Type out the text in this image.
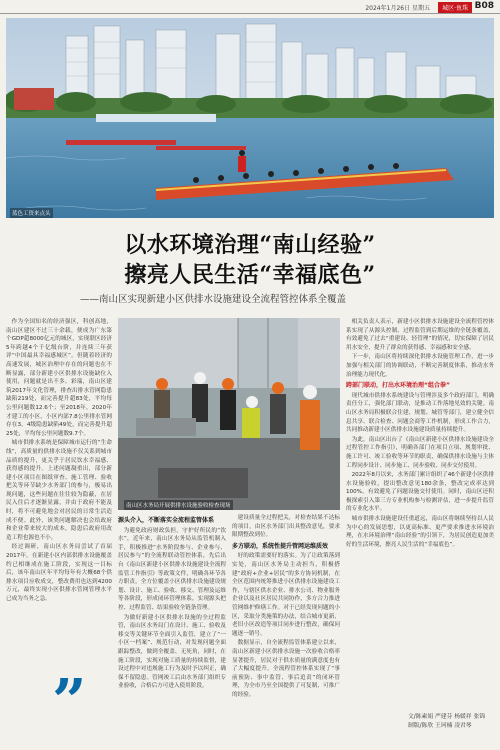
2024年1月26日 星期五	城区·鱼珠 B08
蓝色工资来点头
以水环境治理“南山经验”
擦亮人民生活“幸福底色”
——南山区实现新建小区供排水设施建设全流程管控体系全覆盖

作为全国知名的经济强区，科创高地，南山区建区不过三十余载，便成为广东第个GDP超8000亿元的城区，实现联区经济5年跨越4个千亿级台阶，并连续三年获评“中国最具幸福感城区”。但随着经济的高速发展，城区治理中存在的问题也在不断显露，部分新建小区供排水设施缺位入使用，问题就是出不多。彩瑞，南山区建筑2017年文化管理，排查出排水管网隐患缺陷219处，而完善提升超83处，平均每公里问题数12.6个；至2018年，2020年才建工的小区，小区内部7.8公里排水管网存在3，4级隐患缺陷49处，而完善提升超25处，平均每公里问题数9.7个。

城市供排水系统是保障城市运行的“生命线”，高质量的供排水设施不仅关系到城市品质的提升，更关乎于居民饮水幸福感、获得感的提升。上述问题凝重出，部分新建小区项目在图纸审查、施工管理、验收把关等环节缺少水务部门的参与，极易出现问题，这些问题在往往较为隐蔽，在居民入住后才逐渐显露，并由于政府不能及时，将不可避免地会对居民的日常生活造成不便。此外，该类问题解决也会给政府和企业带来较大的成本，隐患后政府用改造工程也源也不小。

经过调研，南山区水务局尝试了首届2017年，在新建小区内部供排水设施覆盖约已相继成在施工阶段，实现这一目标后，该年南山区年平均每年有大概68个供排水项目应收成交，整改费用也达到4200万元，最终实现小区供排水管网管理水平已成为当务之急。

南山区水务局开展供排水设施验收检查现场

源头介入，不断落实全流程监管体系

为避免政府财政负担，守护好所民的“饮水”，近年来，南山区水务局从监管机制入手，积极推进“水务阶段参与、企业参与、居民参与”的全流程联动管控体系，先后出台《南山区新建小区供排水设施建设全流程监管工作指引》等政策文件，明确各环节各方职责，全方位覆盖小区供排水设施建设规划、设计、施工、验收、移交、管理及运维等各阶段，形成闭环管理体系，实现源头把控、过程监管、结果验收全链条管理。

为做好新建小区供排水设施的全过程监管，南山区水务局门在设计、施工、验收及移交等关键环节全面引入监管，建立了“一小区一档案”、规范行动，对发现问题全面跟踪整改，做到全覆盖、无死角，同时，在施工阶段，实现对施工质量的持续监督，建设过程中对违规施工行为及时予以纠正，确保不留隐患。管网竣工后由水务部门组织专业验收，合格后方可进入使用阶段。

建设质量全过程把关，对检查结果不达标的项目，由区水务部门出具整改意见，要求限期整改到位。

多方联动，系统性提升管网运维质效

好的政策需要好的落实。为了让政策落到实处，南山区水务局主动担当，积极搭建“政府+企业+居民”的多方协同机制，在全区范围内统筹推进小区供排水设施建设工作，与辖区供水企业、排水公司、物业服务企业以及社区居民共同协作，多方合力推进管网维护修缮工作。对于已经发现问题的小区，采取分类施策的办法，结合城市更新、老旧小区改造等项目同步进行整改，确保问题逐一销号。

数据显示，自全流程监管体系建立以来，南山区新建小区供排水设施一次验收合格率显著提升，居民对于供水质量的满意度也有了大幅度提升。全流程管控体系实现了“事前预防、事中监管、事后追责”的闭环管理，为全市乃至全国提供了可复制、可推广的经验。

相关负责人表示，新建小区供排水设施建设全流程管控体系实现了从源头控制、过程监管到后期运维的全链条覆盖，有效避免了过去“重建设、轻管理”的情况，切实保障了居民用水安全，提升了群众的获得感、幸福感和安全感。

下一步，南山区将持续深化供排水设施管理工作，进一步加强与相关部门的协调联动，不断完善制度体系，推动水务治理能力现代化。

跨部门联动，打出水环境治理“组合拳”

现代城市供排水系统建设与管理涉及多个政府部门，明确责任分工，强化部门联动，是推动工作落地见效的关键。南山区水务局积极联合住建、规划、城管等部门，建立健全信息共享、联合检查、问题会商等工作机制，形成工作合力，共同推动新建小区供排水设施建设质量持续提升。

为此，南山区出台了《南山区新建小区供排水设施建设全过程管控工作指引》，明确各部门在项目立项、规划审批、施工许可、竣工验收等环节的职责，确保供排水设施与主体工程同步设计、同步施工、同步验收、同步交付使用。

2022年8月以来，水务部门累计组织了46个新建小区供排水设施验收，提出整改意见180余条，整改完成率达到100%，有效避免了问题设施交付使用。同时，南山区还积极探索引入第三方专业机构参与检测评估，进一步提升监管的专业化水平。

城市供排水设施建设任重道远，南山区将继续坚持以人民为中心的发展思想，以更高标准、更严要求推进水环境治理，在水环境治理“南山经验”的引领下，为居民创造更加美好的生活环境，擦亮人民生活的“幸福底色”。

”	文/陈素娟 严建芬 杨媛祥 张锦
制版/陈欣 王珂楠 凌君琴
